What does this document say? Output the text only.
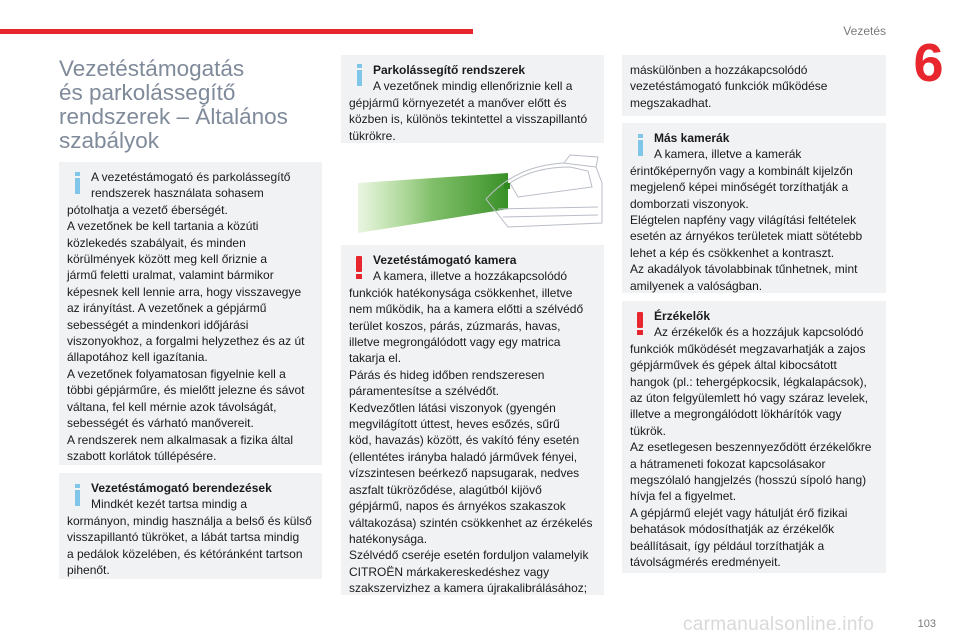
Vezetés
6
Vezetéstámogatás
és parkolássegítő
rendszerek – Általános
szabályok
A vezetéstámogató és parkolássegítő
rendszerek használata sohasem
pótolhatja a vezető éberségét.
A vezetőnek be kell tartania a közúti
közlekedés szabályait, és minden
körülmények között meg kell őriznie a
jármű feletti uralmat, valamint bármikor
képesnek kell lennie arra, hogy visszavegye
az irányítást. A vezetőnek a gépjármű
sebességét a mindenkori időjárási
viszonyokhoz, a forgalmi helyzethez és az út
állapotához kell igazítania.
A vezetőnek folyamatosan figyelnie kell a
többi gépjárműre, és mielőtt jelezne és sávot
váltana, fel kell mérnie azok távolságát,
sebességét és várható manővereit.
A rendszerek nem alkalmasak a fizika által
szabott korlátok túllépésére.
Vezetéstámogató berendezések
Mindkét kezét tartsa mindig a
kormányon, mindig használja a belső és külső
visszapillantó tükröket, a lábát tartsa mindig
a pedálok közelében, és kétóránként tartson
pihenőt.
Parkolássegítő rendszerek
A vezetőnek mindig ellenőriznie kell a
gépjármű környezetét a manőver előtt és
közben is, különös tekintettel a visszapillantó
tükrökre.
Vezetéstámogató kamera
A kamera, illetve a hozzákapcsolódó
funkciók hatékonysága csökkenhet, illetve
nem működik, ha a kamera előtti a szélvédő
terület koszos, párás, zúzmarás, havas,
illetve megrongálódott vagy egy matrica
takarja el.
Párás és hideg időben rendszeresen
páramentesítse a szélvédőt.
Kedvezőtlen látási viszonyok (gyengén
megvilágított úttest, heves esőzés, sűrű
köd, havazás) között, és vakító fény esetén
(ellentétes irányba haladó járművek fényei,
vízszintesen beérkező napsugarak, nedves
aszfalt tükröződése, alagútból kijövő
gépjármű, napos és árnyékos szakaszok
váltakozása) szintén csökkenhet az érzékelés
hatékonysága.
Szélvédő cseréje esetén forduljon valamelyik
CITROËN márkakereskedéshez vagy
szakszervizhez a kamera újrakalibrálásához;
máskülönben a hozzákapcsolódó
vezetéstámogató funkciók működése
megszakadhat.
Más kamerák
A kamera, illetve a kamerák
érintőképernyőn vagy a kombinált kijelzőn
megjelenő képei minőségét torzíthatják a
domborzati viszonyok.
Elégtelen napfény vagy világítási feltételek
esetén az árnyékos területek miatt sötétebb
lehet a kép és csökkenhet a kontraszt.
Az akadályok távolabbinak tűnhetnek, mint
amilyenek a valóságban.
Érzékelők
Az érzékelők és a hozzájuk kapcsolódó
funkciók működését megzavarhatják a zajos
gépjárművek és gépek által kibocsátott
hangok (pl.: tehergépkocsik, légkalapácsok),
az úton felgyülemlett hó vagy száraz levelek,
illetve a megrongálódott lökhárítók vagy
tükrök.
Az esetlegesen beszennyeződött érzékelőkre
a hátrameneti fokozat kapcsolásakor
megszólaló hangjelzés (hosszú sípoló hang)
hívja fel a figyelmet.
A gépjármű elejét vagy hátulját érő fizikai
behatások módosíthatják az érzékelők
beállításait, így például torzíthatják a
távolságmérés eredményeit.
carmanualsonline.info	103
